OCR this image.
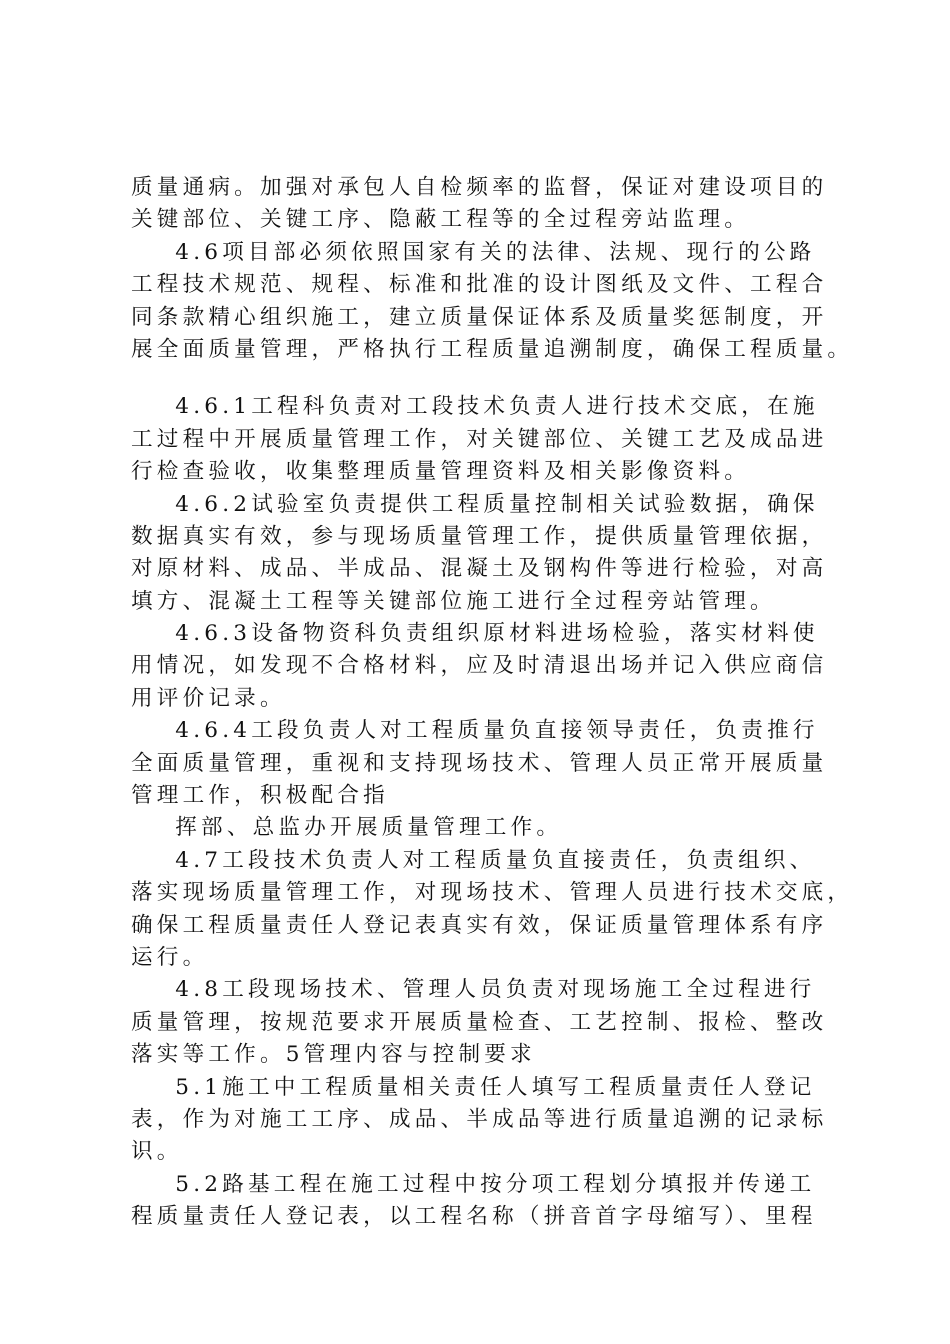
质量通病。加强对承包人自检频率的监督，保证对建设项目的
关键部位、关键工序、隐蔽工程等的全过程旁站监理。
4.6项目部必须依照国家有关的法律、法规、现行的公路
工程技术规范、规程、标准和批准的设计图纸及文件、工程合
同条款精心组织施工，建立质量保证体系及质量奖惩制度，开
展全面质量管理，严格执行工程质量追溯制度，确保工程质量。
4.6.1工程科负责对工段技术负责人进行技术交底，在施
工过程中开展质量管理工作，对关键部位、关键工艺及成品进
行检查验收，收集整理质量管理资料及相关影像资料。
4.6.2试验室负责提供工程质量控制相关试验数据，确保
数据真实有效，参与现场质量管理工作，提供质量管理依据，
对原材料、成品、半成品、混凝土及钢构件等进行检验，对高
填方、混凝土工程等关键部位施工进行全过程旁站管理。
4.6.3设备物资科负责组织原材料进场检验，落实材料使
用情况，如发现不合格材料，应及时清退出场并记入供应商信
用评价记录。
4.6.4工段负责人对工程质量负直接领导责任，负责推行
全面质量管理，重视和支持现场技术、管理人员正常开展质量
管理工作，积极配合指
挥部、总监办开展质量管理工作。
4.7工段技术负责人对工程质量负直接责任，负责组织、
落实现场质量管理工作，对现场技术、管理人员进行技术交底，
确保工程质量责任人登记表真实有效，保证质量管理体系有序
运行。
4.8工段现场技术、管理人员负责对现场施工全过程进行
质量管理，按规范要求开展质量检查、工艺控制、报检、整改
落实等工作。5管理内容与控制要求
5.1施工中工程质量相关责任人填写工程质量责任人登记
表，作为对施工工序、成品、半成品等进行质量追溯的记录标
识。
5.2路基工程在施工过程中按分项工程划分填报并传递工
程质量责任人登记表，以工程名称（拼音首字母缩写）、里程
